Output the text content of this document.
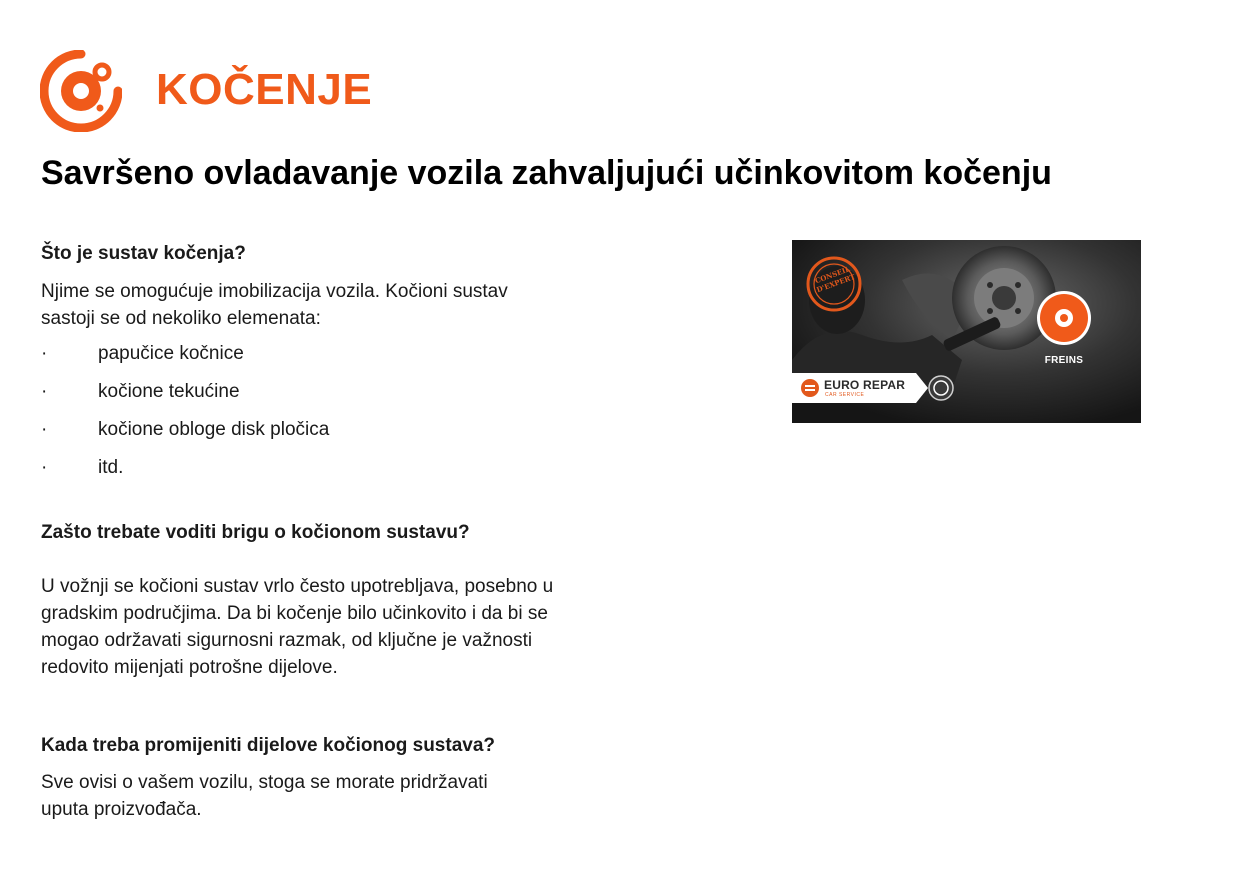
KOČENJE
Savršeno ovladavanje vozila zahvaljujući učinkovitom kočenju

Što je sustav kočenja?

Njime se omogućuje imobilizacija vozila. Kočioni sustav sastoji se od nekoliko elemenata:

·	papučice kočnice
·	kočione tekućine
·	kočione obloge disk pločica
·	itd.

Zašto trebate voditi brigu o kočionom sustavu?

U vožnji se kočioni sustav vrlo često upotrebljava, posebno u gradskim područjima. Da bi kočenje bilo učinkovito i da bi se mogao održavati sigurnosni razmak, od ključne je važnosti redovito mijenjati potrošne dijelove.

Kada treba promijeniti dijelove kočionog sustava?

Sve ovisi o vašem vozilu, stoga se morate pridržavati uputa proizvođača.

CONSEIL D'EXPERT
FREINS
EURO REPAR
CAR SERVICE
